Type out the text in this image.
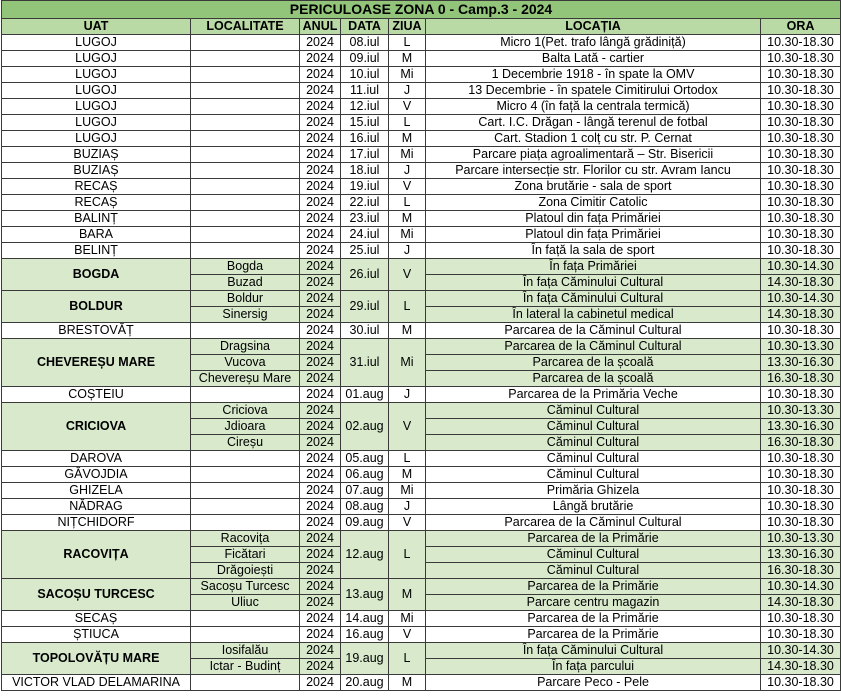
PERICULOASE ZONA 0 - Camp.3 - 2024						
UAT	LOCALITATE	ANUL	DATA	ZIUA	LOCAȚIA	ORA
LUGOJ		2024	08.iul	L	Micro 1(Pet. trafo lângă grădiniță)	10.30-18.30
LUGOJ		2024	09.iul	M	Balta Lată - cartier	10.30-18.30
LUGOJ		2024	10.iul	Mi	1 Decembrie 1918 - în spate la OMV	10.30-18.30
LUGOJ		2024	11.iul	J	13 Decembrie - în spatele Cimitirului Ortodox	10.30-18.30
LUGOJ		2024	12.iul	V	Micro 4 (în față la centrala termică)	10.30-18.30
LUGOJ		2024	15.iul	L	Cart. I.C. Drăgan - lângă terenul de fotbal	10.30-18.30
LUGOJ		2024	16.iul	M	Cart. Stadion 1 colț cu str. P. Cernat	10.30-18.30
BUZIAȘ		2024	17.iul	Mi	Parcare piața agroalimentară – Str. Bisericii	10.30-18.30
BUZIAȘ		2024	18.iul	J	Parcare intersecție str. Florilor cu str. Avram Iancu	10.30-18.30
RECAȘ		2024	19.iul	V	Zona brutărie - sala de sport	10.30-18.30
RECAȘ		2024	22.iul	L	Zona Cimitir Catolic	10.30-18.30
BALINȚ		2024	23.iul	M	Platoul din fața Primăriei	10.30-18.30
BARA		2024	24.iul	Mi	Platoul din fața Primăriei	10.30-18.30
BELINȚ		2024	25.iul	J	În față la sala de sport	10.30-18.30
BOGDA	Bogda	2024	26.iul	V	În fața Primăriei	10.30-14.30
	Buzad	2024			În fața Căminului Cultural	14.30-18.30
BOLDUR	Boldur	2024	29.iul	L	În fața Căminului Cultural	10.30-14.30
	Sinersig	2024			În lateral la cabinetul medical	14.30-18.30
BRESTOVĂȚ		2024	30.iul	M	Parcarea de la Căminul Cultural	10.30-18.30
CHEVEREȘU MARE	Dragsina	2024	31.iul	Mi	Parcarea de la Căminul Cultural	10.30-13.30
	Vucova	2024			Parcarea de la școală	13.30-16.30
	Chevereșu Mare	2024			Parcarea de la școală	16.30-18.30
COȘTEIU		2024	01.aug	J	Parcarea de la Primăria Veche	10.30-18.30
CRICIOVA	Criciova	2024	02.aug	V	Căminul Cultural	10.30-13.30
	Jdioara	2024			Căminul Cultural	13.30-16.30
	Cireșu	2024			Căminul Cultural	16.30-18.30
DAROVA		2024	05.aug	L	Căminul Cultural	10.30-18.30
GĂVOJDIA		2024	06.aug	M	Căminul Cultural	10.30-18.30
GHIZELA		2024	07.aug	Mi	Primăria Ghizela	10.30-18.30
NĂDRAG		2024	08.aug	J	Lângă brutărie	10.30-18.30
NIȚCHIDORF		2024	09.aug	V	Parcarea de la Căminul Cultural	10.30-18.30
RACOVIȚA	Racovița	2024	12.aug	L	Parcarea de la Primărie	10.30-13.30
	Ficătari	2024			Căminul Cultural	13.30-16.30
	Drăgoiești	2024			Căminul Cultural	16.30-18.30
SACOȘU TURCESC	Sacoșu Turcesc	2024	13.aug	M	Parcarea de la Primărie	10.30-14.30
	Uliuc	2024			Parcare centru magazin	14.30-18.30
SECAȘ		2024	14.aug	Mi	Parcarea de la Primărie	10.30-18.30
ȘTIUCA		2024	16.aug	V	Parcarea de la Primărie	10.30-18.30
TOPOLOVĂȚU MARE	Iosifalău	2024	19.aug	L	În fața Căminului Cultural	10.30-14.30
	Ictar - Budinț	2024			În fața parcului	14.30-18.30
VICTOR VLAD DELAMARINA		2024	20.aug	M	Parcare Peco - Pele	10.30-18.30
